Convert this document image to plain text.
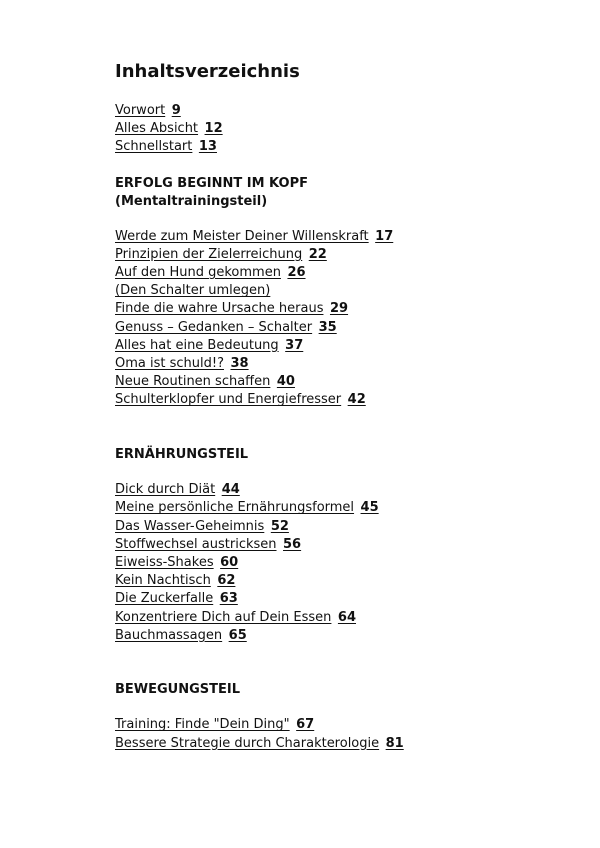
Inhaltsverzeichnis
Vorwort 9
Alles Absicht 12
Schnellstart 13
ERFOLG BEGINNT IM KOPF
(Mentaltrainingsteil)
Werde zum Meister Deiner Willenskraft 17
Prinzipien der Zielerreichung 22
Auf den Hund gekommen 26
(Den Schalter umlegen)
Finde die wahre Ursache heraus 29
Genuss – Gedanken – Schalter 35
Alles hat eine Bedeutung 37
Oma ist schuld!? 38
Neue Routinen schaffen 40
Schulterklopfer und Energiefresser 42
ERNÄHRUNGSTEIL
Dick durch Diät 44
Meine persönliche Ernährungsformel 45
Das Wasser-Geheimnis 52
Stoffwechsel austricksen 56
Eiweiss-Shakes 60
Kein Nachtisch 62
Die Zuckerfalle 63
Konzentriere Dich auf Dein Essen 64
Bauchmassagen 65
BEWEGUNGSTEIL
Training: Finde "Dein Ding" 67
Bessere Strategie durch Charakterologie 81
